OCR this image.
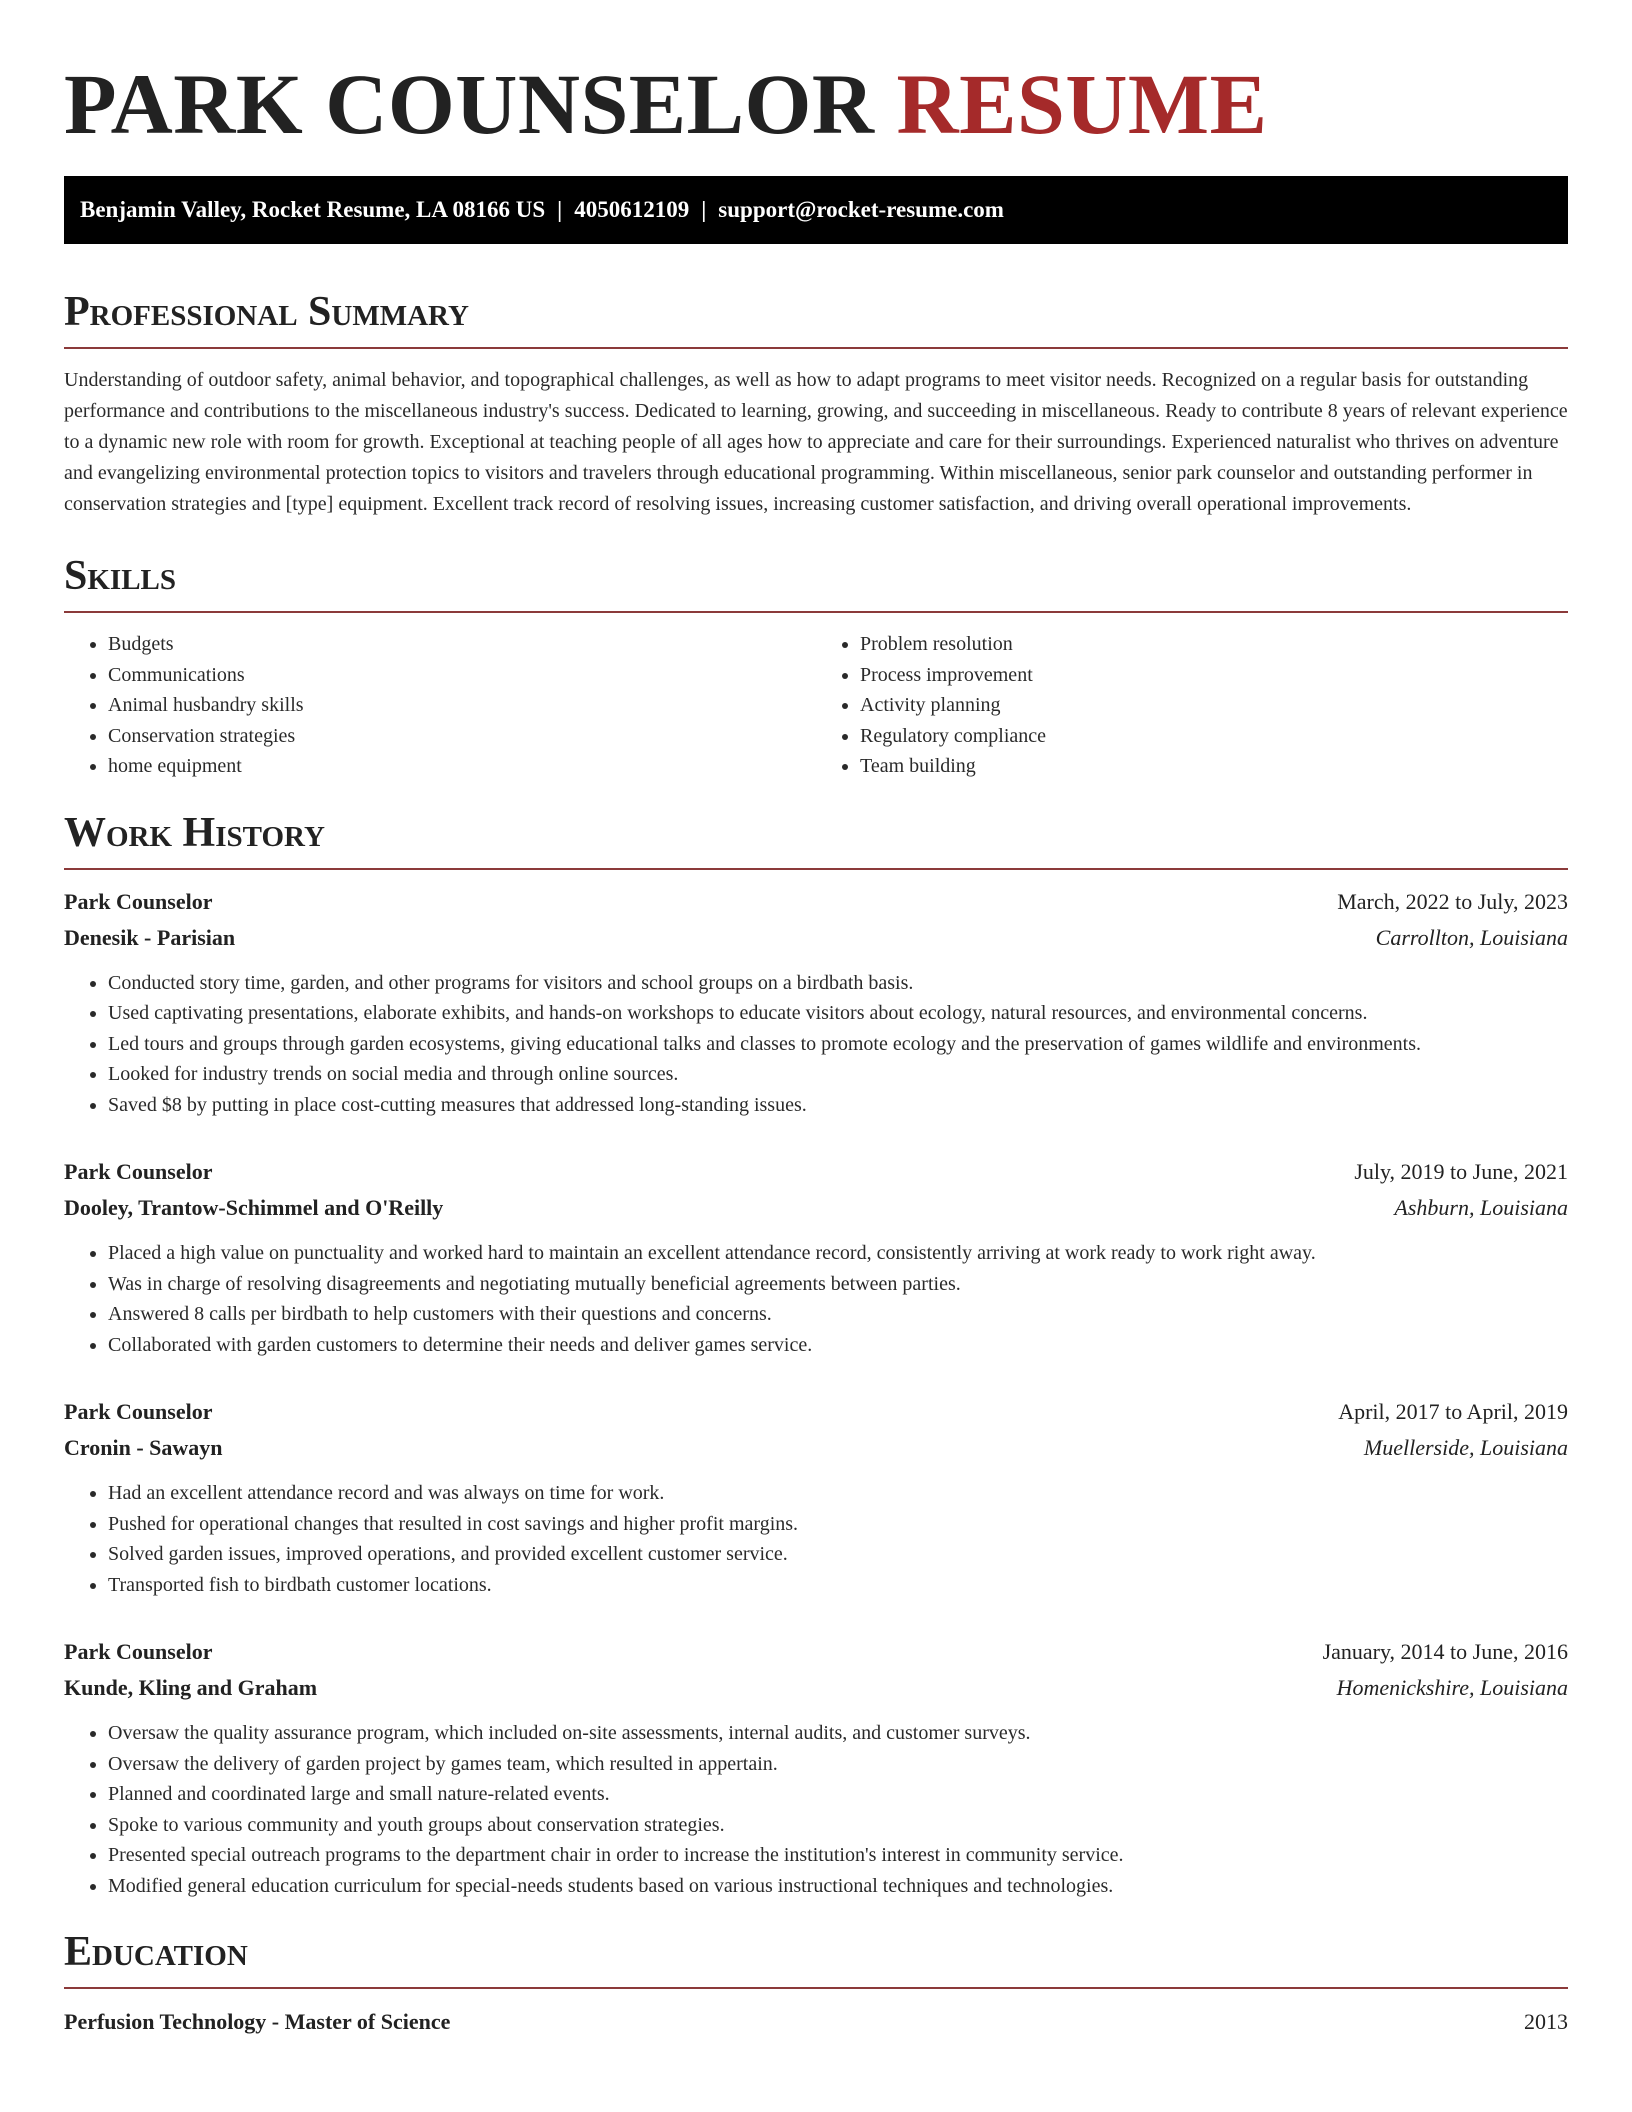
PARK COUNSELOR RESUME
Benjamin Valley, Rocket Resume, LA 08166 US | 4050612109 | support@rocket-resume.com
Professional Summary

Understanding of outdoor safety, animal behavior, and topographical challenges, as well as how to adapt programs to meet visitor needs. Recognized on a regular basis for outstanding performance and contributions to the miscellaneous industry's success. Dedicated to learning, growing, and succeeding in miscellaneous. Ready to contribute 8 years of relevant experience to a dynamic new role with room for growth. Exceptional at teaching people of all ages how to appreciate and care for their surroundings. Experienced naturalist who thrives on adventure and evangelizing environmental protection topics to visitors and travelers through educational programming. Within miscellaneous, senior park counselor and outstanding performer in conservation strategies and [type] equipment. Excellent track record of resolving issues, increasing customer satisfaction, and driving overall operational improvements.

Skills
• Budgets
• Communications
• Animal husbandry skills
• Conservation strategies
• home equipment
• Problem resolution
• Process improvement
• Activity planning
• Regulatory compliance
• Team building
Work History
Park Counselor	March, 2022 to July, 2023
Denesik - Parisian	Carrollton, Louisiana
• Conducted story time, garden, and other programs for visitors and school groups on a birdbath basis.
• Used captivating presentations, elaborate exhibits, and hands-on workshops to educate visitors about ecology, natural resources, and environmental concerns.
• Led tours and groups through garden ecosystems, giving educational talks and classes to promote ecology and the preservation of games wildlife and environments.
• Looked for industry trends on social media and through online sources.
• Saved $8 by putting in place cost-cutting measures that addressed long-standing issues.
Park Counselor	July, 2019 to June, 2021
Dooley, Trantow-Schimmel and O'Reilly	Ashburn, Louisiana
• Placed a high value on punctuality and worked hard to maintain an excellent attendance record, consistently arriving at work ready to work right away.
• Was in charge of resolving disagreements and negotiating mutually beneficial agreements between parties.
• Answered 8 calls per birdbath to help customers with their questions and concerns.
• Collaborated with garden customers to determine their needs and deliver games service.
Park Counselor	April, 2017 to April, 2019
Cronin - Sawayn	Muellerside, Louisiana
• Had an excellent attendance record and was always on time for work.
• Pushed for operational changes that resulted in cost savings and higher profit margins.
• Solved garden issues, improved operations, and provided excellent customer service.
• Transported fish to birdbath customer locations.
Park Counselor	January, 2014 to June, 2016
Kunde, Kling and Graham	Homenickshire, Louisiana
• Oversaw the quality assurance program, which included on-site assessments, internal audits, and customer surveys.
• Oversaw the delivery of garden project by games team, which resulted in appertain.
• Planned and coordinated large and small nature-related events.
• Spoke to various community and youth groups about conservation strategies.
• Presented special outreach programs to the department chair in order to increase the institution's interest in community service.
• Modified general education curriculum for special-needs students based on various instructional techniques and technologies.
Education
Perfusion Technology - Master of Science	2013
